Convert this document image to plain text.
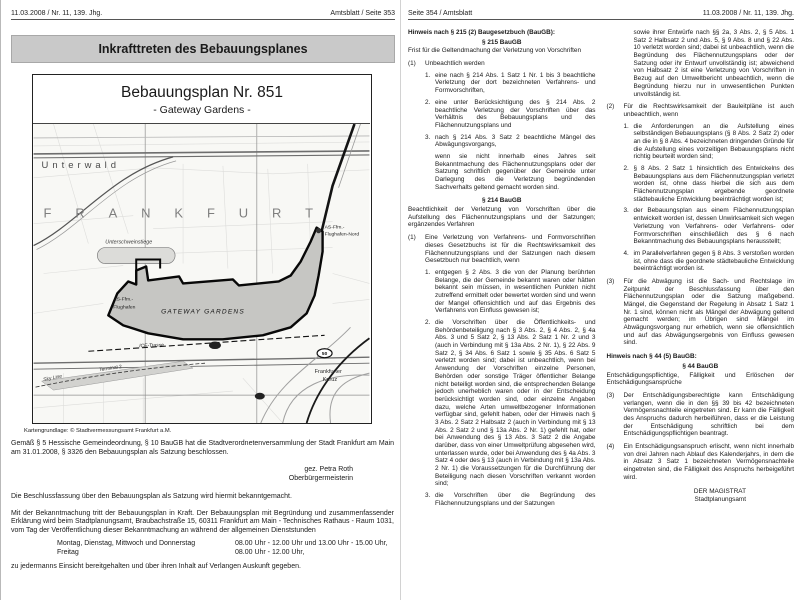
11.03.2008 / Nr. 11, 139. Jhg.	Amtsblatt / Seite 353
Inkrafttreten des Bebauungsplanes
Bebauungsplan Nr. 851
- Gateway Gardens -
Unterwald
FRANKFURT
Unterschweinstiege
AS-Ffm.-
Flughafen-Nord
AS-Ffm.-
Flughafen
GATEWAY GARDENS
ICE-Trasse
Sky Line
Terminal 2	Frankfurter
Kreuz
50
Kartengrundlage: © Stadtvermessungsamt Frankfurt a.M.
Gemäß § 5 Hessische Gemeindeordnung, § 10 BauGB hat die Stadtverordnetenversammlung der Stadt Frankfurt am Main am 31.01.2008, § 3326 den Bebauungsplan als Satzung beschlossen.
gez. Petra Roth
Oberbürgermeisterin
Die Beschlussfassung über den Bebauungsplan als Satzung wird hiermit bekanntgemacht.
Mit der Bekanntmachung tritt der Bebauungsplan in Kraft. Der Bebauungsplan mit Begründung und zusammenfassender Erklärung wird beim Stadtplanungsamt, Braubachstraße 15, 60311 Frankfurt am Main - Technisches Rathaus - Raum 1031, vom Tag der Veröffentlichung dieser Bekanntmachung an während der allgemeinen Dienststunden
Montag, Dienstag, Mittwoch und Donnerstag	08.00 Uhr - 12.00 Uhr und 13.00 Uhr - 15.00 Uhr,
Freitag	08.00 Uhr - 12.00 Uhr,
zu jedermanns Einsicht bereitgehalten und über ihren Inhalt auf Verlangen Auskunft gegeben.
Seite 354 / Amtsblatt	11.03.2008 / Nr. 11, 139. Jhg.
Hinweis nach § 215 (2) Baugesetzbuch (BauGB):
§ 215 BauGB
Frist für die Geltendmachung der Verletzung von Vorschriften
(1)	Unbeachtlich werden
1. eine nach § 214 Abs. 1 Satz 1 Nr. 1 bis 3 beachtliche Verletzung der dort bezeichneten Verfahrens- und Formvorschriften,
2. eine unter Berücksichtigung des § 214 Abs. 2 beachtliche Verletzung der Vorschriften über das Verhältnis des Bebauungsplans und des Flächennutzungsplans und
3. nach § 214 Abs. 3 Satz 2 beachtliche Mängel des Abwägungsvorgangs,
wenn sie nicht innerhalb eines Jahres seit Bekanntmachung des Flächennutzungsplans oder der Satzung schriftlich gegenüber der Gemeinde unter Darlegung des die Verletzung begründenden Sachverhalts geltend gemacht worden sind.
§ 214 BauGB
Beachtlichkeit der Verletzung von Vorschriften über die Aufstellung des Flächennutzungsplans und der Satzungen; ergänzendes Verfahren
(1)	Eine Verletzung von Verfahrens- und Formvorschriften dieses Gesetzbuchs ist für die Rechtswirksamkeit des Flächennutzungsplans und der Satzungen nach diesem Gesetzbuch nur beachtlich, wenn
1. entgegen § 2 Abs. 3 die von der Planung berührten Belange, die der Gemeinde bekannt waren oder hätten bekannt sein müssen, in wesentlichen Punkten nicht zutreffend ermittelt oder bewertet worden sind und wenn der Mangel offensichtlich und auf das Ergebnis des Verfahrens von Einfluss gewesen ist;
2. die Vorschriften über die Öffentlichkeits- und Behördenbeteiligung nach § 3 Abs. 2, § 4 Abs. 2, § 4a Abs. 3 und 5 Satz 2, § 13 Abs. 2 Satz 1 Nr. 2 und 3 (auch in Verbindung mit § 13a Abs. 2 Nr. 1), § 22 Abs. 9 Satz 2, § 34 Abs. 6 Satz 1 sowie § 35 Abs. 6 Satz 5 verletzt worden sind; dabei ist unbeachtlich, wenn bei Anwendung der Vorschriften einzelne Personen, Behörden oder sonstige Träger öffentlicher Belange nicht beteiligt worden sind, die entsprechenden Belange jedoch unerheblich waren oder in der Entscheidung berücksichtigt worden sind, oder einzelne Angaben dazu, welche Arten umweltbezogener Informationen verfügbar sind, gefehlt haben, oder der Hinweis nach § 3 Abs. 2 Satz 2 Halbsatz 2 (auch in Verbindung mit § 13 Abs. 2 Satz 2 und § 13a Abs. 2 Nr. 1) gefehlt hat, oder bei Anwendung des § 13 Abs. 3 Satz 2 die Angabe darüber, dass von einer Umweltprüfung abgesehen wird, unterlassen wurde, oder bei Anwendung des § 4a Abs. 3 Satz 4 oder des § 13 (auch in Verbindung mit § 13a Abs. 2 Nr. 1) die Voraussetzungen für die Durchführung der Beteiligung nach diesen Vorschriften verkannt worden sind;
3. die Vorschriften über die Begründung des Flächennutzungsplans und der Satzungen
sowie ihrer Entwürfe nach §§ 2a, 3 Abs. 2, § 5 Abs. 1 Satz 2 Halbsatz 2 und Abs. 5, § 9 Abs. 8 und § 22 Abs. 10 verletzt worden sind; dabei ist unbeachtlich, wenn die Begründung des Flächennutzungsplans oder der Satzung oder ihr Entwurf unvollständig ist; abweichend von Halbsatz 2 ist eine Verletzung von Vorschriften in Bezug auf den Umweltbericht unbeachtlich, wenn die Begründung hierzu nur in unwesentlichen Punkten unvollständig ist.
(2)	Für die Rechtswirksamkeit der Bauleitpläne ist auch unbeachtlich, wenn
1. die Anforderungen an die Aufstellung eines selbständigen Bebauungsplans (§ 8 Abs. 2 Satz 2) oder an die in § 8 Abs. 4 bezeichneten dringenden Gründe für die Aufstellung eines vorzeitigen Bebauungsplans nicht richtig beurteilt worden sind;
2. § 8 Abs. 2 Satz 1 hinsichtlich des Entwickelns des Bebauungsplans aus dem Flächennutzungsplan verletzt worden ist, ohne dass hierbei die sich aus dem Flächennutzungsplan ergebende geordnete städtebauliche Entwicklung beeinträchtigt worden ist;
3. der Bebauungsplan aus einem Flächennutzungsplan entwickelt worden ist, dessen Unwirksamkeit sich wegen Verletzung von Verfahrens- oder Verfahrens- oder Formvorschriften einschließlich des § 6 nach Bekanntmachung des Bebauungsplans herausstellt;
4. im Parallelverfahren gegen § 8 Abs. 3 verstoßen worden ist, ohne dass die geordnete städtebauliche Entwicklung beeinträchtigt worden ist.
(3)	Für die Abwägung ist die Sach- und Rechtslage im Zeitpunkt der Beschlussfassung über den Flächennutzungsplan oder die Satzung maßgebend. Mängel, die Gegenstand der Regelung in Absatz 1 Satz 1 Nr. 1 sind, können nicht als Mängel der Abwägung geltend gemacht werden; im Übrigen sind Mängel im Abwägungsvorgang nur erheblich, wenn sie offensichtlich und auf das Abwägungsergebnis von Einfluss gewesen sind.
Hinweis nach § 44 (5) BauGB:
§ 44 BauGB
Entschädigungspflichtige, Fälligkeit und Erlöschen der Entschädigungsansprüche
(3)	Der Entschädigungsberechtigte kann Entschädigung verlangen, wenn die in den §§ 39 bis 42 bezeichneten Vermögensnachteile eingetreten sind. Er kann die Fälligkeit des Anspruchs dadurch herbeiführen, dass er die Leistung der Entschädigung schriftlich bei dem Entschädigungspflichtigen beantragt.
(4)	Ein Entschädigungsanspruch erlischt, wenn nicht innerhalb von drei Jahren nach Ablauf des Kalenderjahrs, in dem die in Absatz 3 Satz 1 bezeichneten Vermögensnachteile eingetreten sind, die Fälligkeit des Anspruchs herbeigeführt wird.
DER MAGISTRAT
Stadtplanungsamt
